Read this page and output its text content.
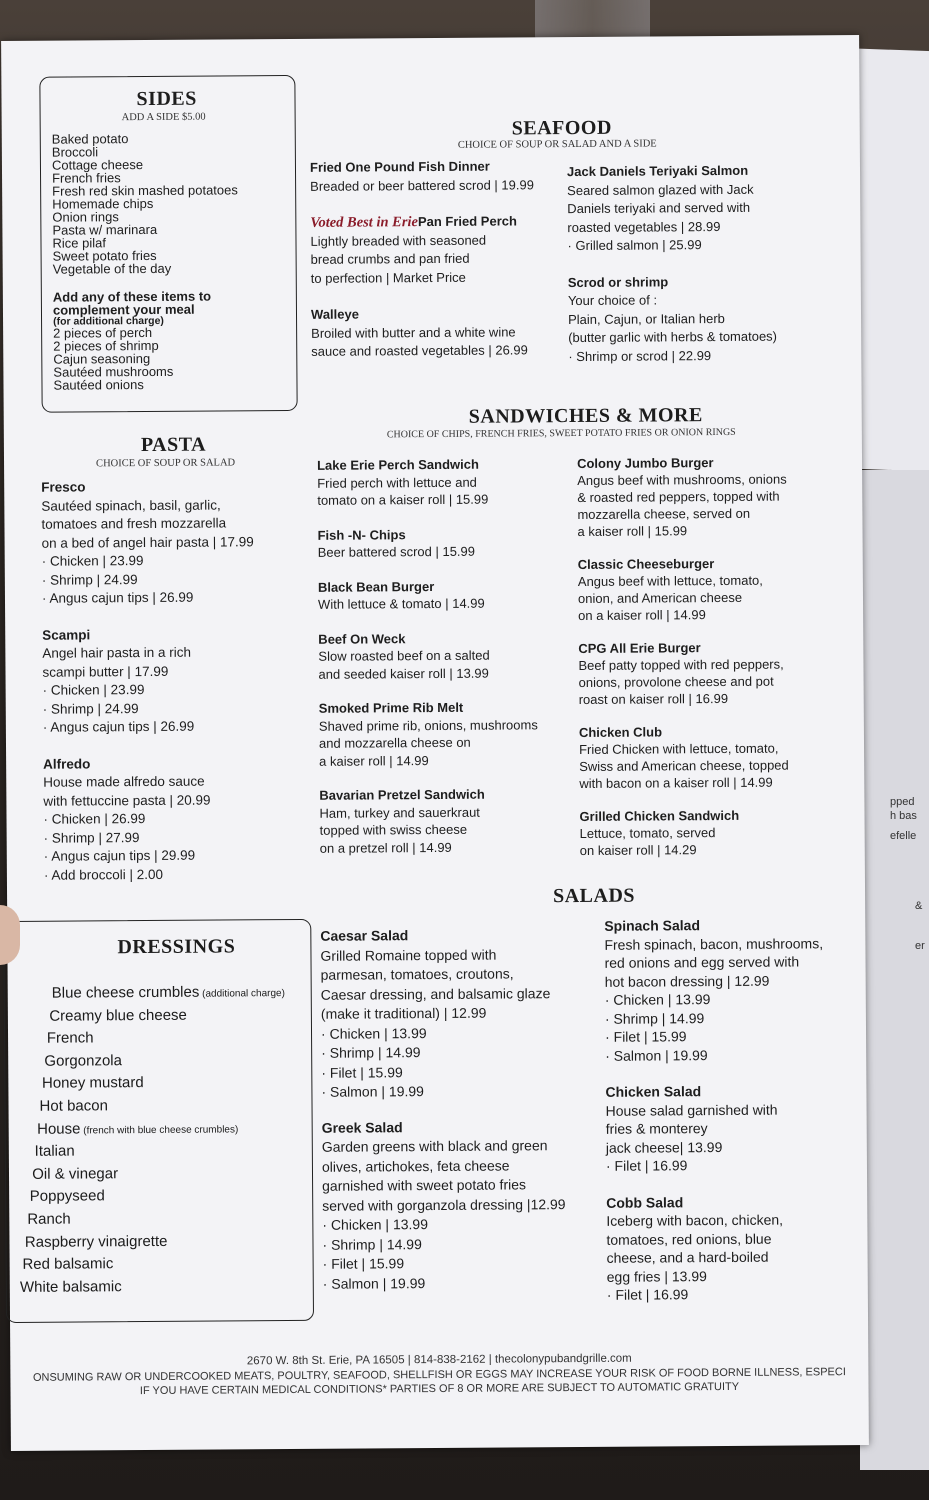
pped
h bas
efelle
&
er
SIDES
ADD A SIDE $5.00
Baked potato
Broccoli
Cottage cheese
French fries
Fresh red skin mashed potatoes
Homemade chips
Onion rings
Pasta w/ marinara
Rice pilaf
Sweet potato fries
Vegetable of the day
Add any of these items to
complement your meal
(for additional charge)
2 pieces of perch
2 pieces of shrimp
Cajun seasoning
Sautéed mushrooms
Sautéed onions
SEAFOOD
CHOICE OF SOUP OR SALAD AND A SIDE
Fried One Pound Fish Dinner
Breaded or beer battered scrod | 19.99
Voted Best in EriePan Fried Perch
Lightly breaded with seasoned
bread crumbs and pan fried
to perfection | Market Price
Walleye
Broiled with butter and a white wine
sauce and roasted vegetables | 26.99
Jack Daniels Teriyaki Salmon
Seared salmon glazed with Jack
Daniels teriyaki and served with
roasted vegetables | 28.99
· Grilled salmon | 25.99
Scrod or shrimp
Your choice of :
Plain, Cajun, or Italian herb
(butter garlic with herbs & tomatoes)
· Shrimp or scrod | 22.99
PASTA
CHOICE OF SOUP OR SALAD
Fresco
Sautéed spinach, basil, garlic,
tomatoes and fresh mozzarella
on a bed of angel hair pasta | 17.99
· Chicken | 23.99
· Shrimp | 24.99
· Angus cajun tips | 26.99
Scampi
Angel hair pasta in a rich
scampi butter | 17.99
· Chicken | 23.99
· Shrimp | 24.99
· Angus cajun tips | 26.99
Alfredo
House made alfredo sauce
with fettuccine pasta | 20.99
· Chicken | 26.99
· Shrimp | 27.99
· Angus cajun tips | 29.99
· Add broccoli | 2.00
SANDWICHES & MORE
CHOICE OF CHIPS, FRENCH FRIES, SWEET POTATO FRIES OR ONION RINGS
Lake Erie Perch Sandwich
Fried perch with lettuce and
tomato on a kaiser roll | 15.99
Fish -N- Chips
Beer battered scrod | 15.99
Black Bean Burger
With lettuce & tomato | 14.99
Beef On Weck
Slow roasted beef on a salted
and seeded kaiser roll | 13.99
Smoked Prime Rib Melt
Shaved prime rib, onions, mushrooms
and mozzarella cheese on
a kaiser roll | 14.99
Bavarian Pretzel Sandwich
Ham, turkey and sauerkraut
topped with swiss cheese
on a pretzel roll | 14.99
Colony Jumbo Burger
Angus beef with mushrooms, onions
& roasted red peppers, topped with
mozzarella cheese, served on
a kaiser roll | 15.99
Classic Cheeseburger
Angus beef with lettuce, tomato,
onion, and American cheese
on a kaiser roll | 14.99
CPG All Erie Burger
Beef patty topped with red peppers,
onions, provolone cheese and pot
roast on kaiser roll | 16.99
Chicken Club
Fried Chicken with lettuce, tomato,
Swiss and American cheese, topped
with bacon on a kaiser roll | 14.99
Grilled Chicken Sandwich
Lettuce, tomato, served
on kaiser roll | 14.29
DRESSINGS
Blue cheese crumbles (additional charge)
Creamy blue cheese
French
Gorgonzola
Honey mustard
Hot bacon
House (french with blue cheese crumbles)
Italian
Oil & vinegar
Poppyseed
Ranch
Raspberry vinaigrette
Red balsamic
White balsamic
SALADS
Caesar Salad
Grilled Romaine topped with
parmesan, tomatoes, croutons,
Caesar dressing, and balsamic glaze
(make it traditional) | 12.99
· Chicken | 13.99
· Shrimp | 14.99
· Filet | 15.99
· Salmon | 19.99
Greek Salad
Garden greens with black and green
olives, artichokes, feta cheese
garnished with sweet potato fries
served with gorganzola dressing |12.99
· Chicken | 13.99
· Shrimp | 14.99
· Filet | 15.99
· Salmon | 19.99
Spinach Salad
Fresh spinach, bacon, mushrooms,
red onions and egg served with
hot bacon dressing | 12.99
· Chicken | 13.99
· Shrimp | 14.99
· Filet | 15.99
· Salmon | 19.99
Chicken Salad
House salad garnished with
fries & monterey
jack cheese| 13.99
· Filet | 16.99
Cobb Salad
Iceberg with bacon, chicken,
tomatoes, red onions, blue
cheese, and a hard-boiled
egg fries | 13.99
· Filet | 16.99
2670 W. 8th St. Erie, PA 16505 | 814-838-2162 | thecolonypubandgrille.com
ONSUMING RAW OR UNDERCOOKED MEATS, POULTRY, SEAFOOD, SHELLFISH OR EGGS MAY INCREASE YOUR RISK OF FOOD BORNE ILLNESS, ESPECI
IF YOU HAVE CERTAIN MEDICAL CONDITIONS* PARTIES OF 8 OR MORE ARE SUBJECT TO AUTOMATIC GRATUITY
